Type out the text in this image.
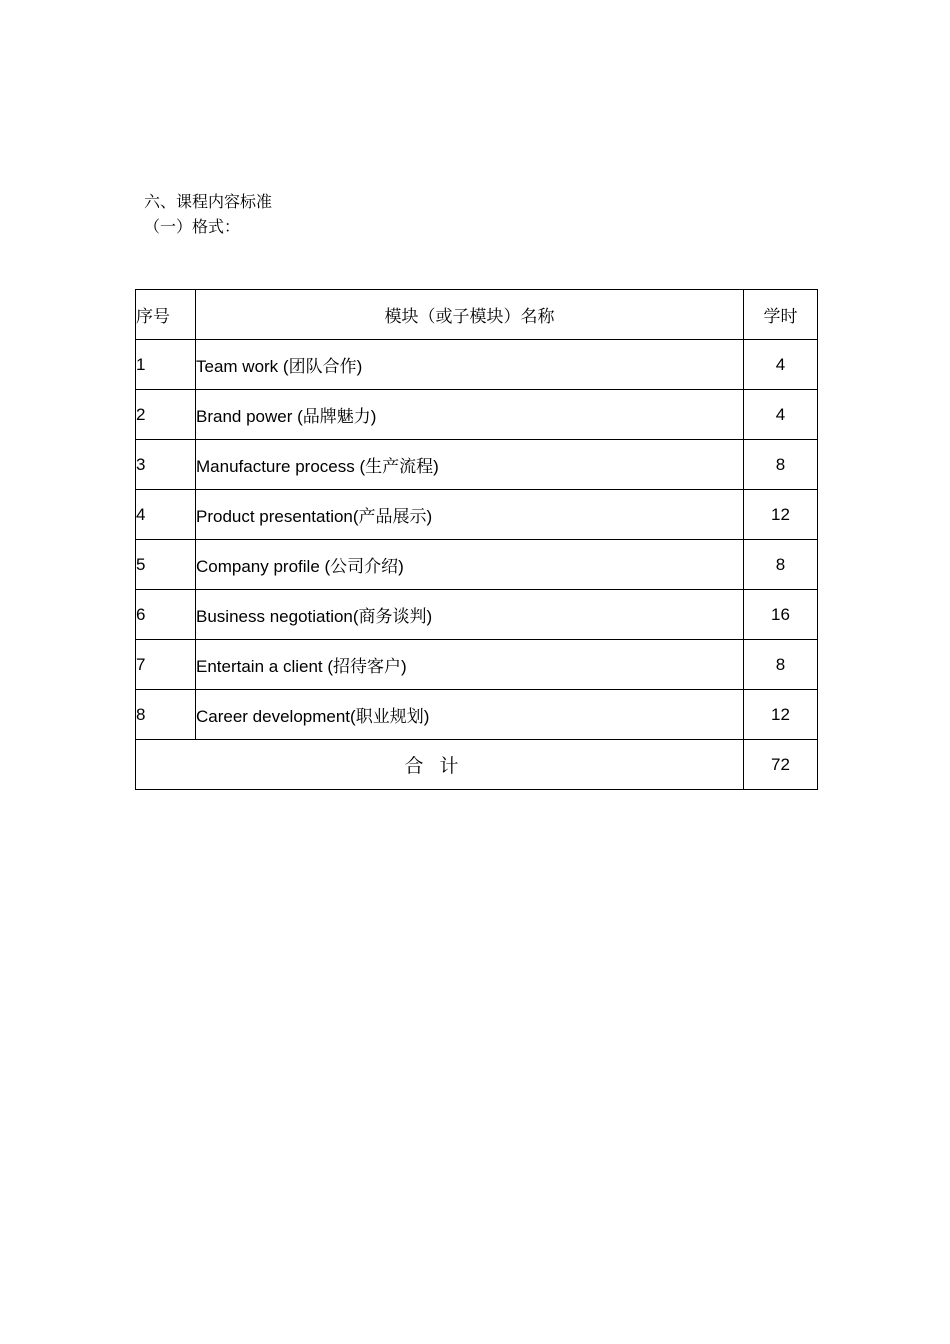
六、课程内容标准
（一）格式：
序号	模块（或子模块）名称	学时
1	Team work (团队合作)	4
2	Brand power (品牌魅力)	4
3	Manufacture process (生产流程)	8
4	Product presentation(产品展示)	12
5	Company profile (公司介绍)	8
6	Business negotiation(商务谈判)	16
7	Entertain a client (招待客户)	8
8	Career development(职业规划)	12
合计		72
